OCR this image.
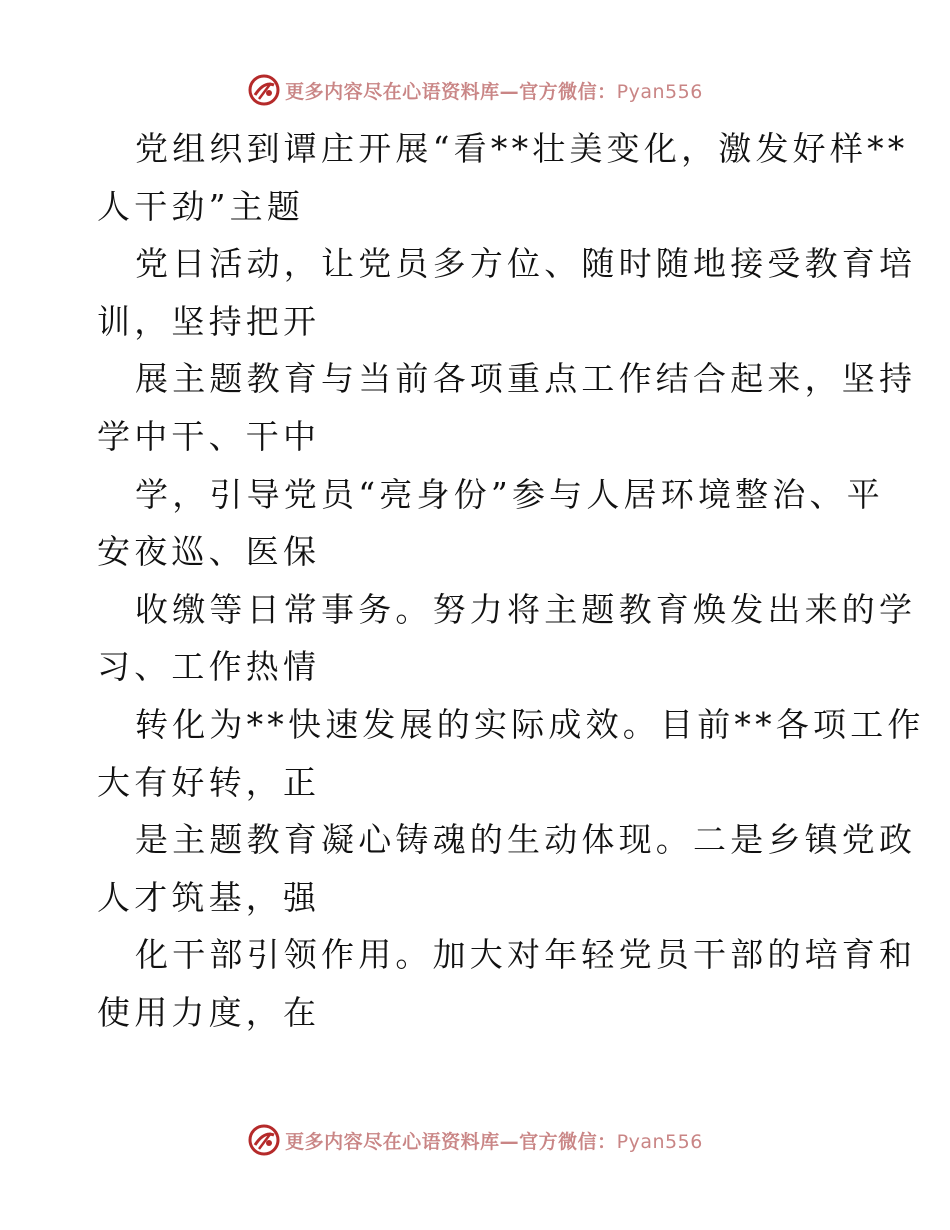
更多内容尽在心语资料库—官方微信：Pyan556
党组织到谭庄开展“看**壮美变化，激发好样**
人干劲”主题
党日活动，让党员多方位、随时随地接受教育培
训，坚持把开
展主题教育与当前各项重点工作结合起来，坚持
学中干、干中
学，引导党员“亮身份”参与人居环境整治、平
安夜巡、医保
收缴等日常事务。努力将主题教育焕发出来的学
习、工作热情
转化为**快速发展的实际成效。目前**各项工作
大有好转，正
是主题教育凝心铸魂的生动体现。二是乡镇党政
人才筑基，强
化干部引领作用。加大对年轻党员干部的培育和
使用力度，在
更多内容尽在心语资料库—官方微信：Pyan556
